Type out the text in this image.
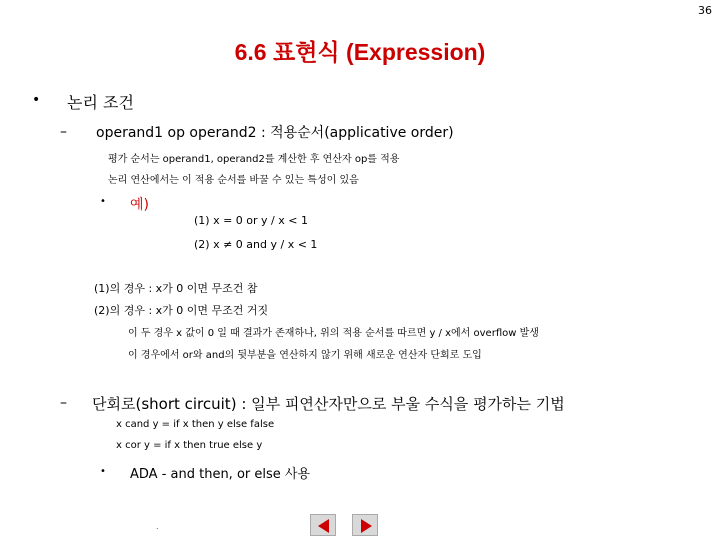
36
6.6 표현식 (Expression)
• 논리 조건
– operand1 op operand2 : 적용순서(applicative order)
평가 순서는 operand1, operand2를 계산한 후 연산자 op를 적용
논리 연산에서는 이 적용 순서를 바꿀 수 있는 특성이 있음
• 예)
(1) x = 0 or y / x < 1
(2) x ≠ 0 and y / x < 1
(1)의 경우 : x가 0 이면 무조건 참
(2)의 경우 : x가 0 이면 무조건 거짓
이 두 경우 x 값이 0 일 때 결과가 존재하나, 위의 적용 순서를 따르면 y / x에서 overflow 발생
이 경우에서 or와 and의 뒷부분을 연산하지 않기 위해 새로운 연산자 단회로 도입
– 단회로(short circuit) : 일부 피연산자만으로 부울 수식을 평가하는 기법
x cand y = if x then y else false
x cor y = if x then true else y
• ADA - and then, or else 사용
.
